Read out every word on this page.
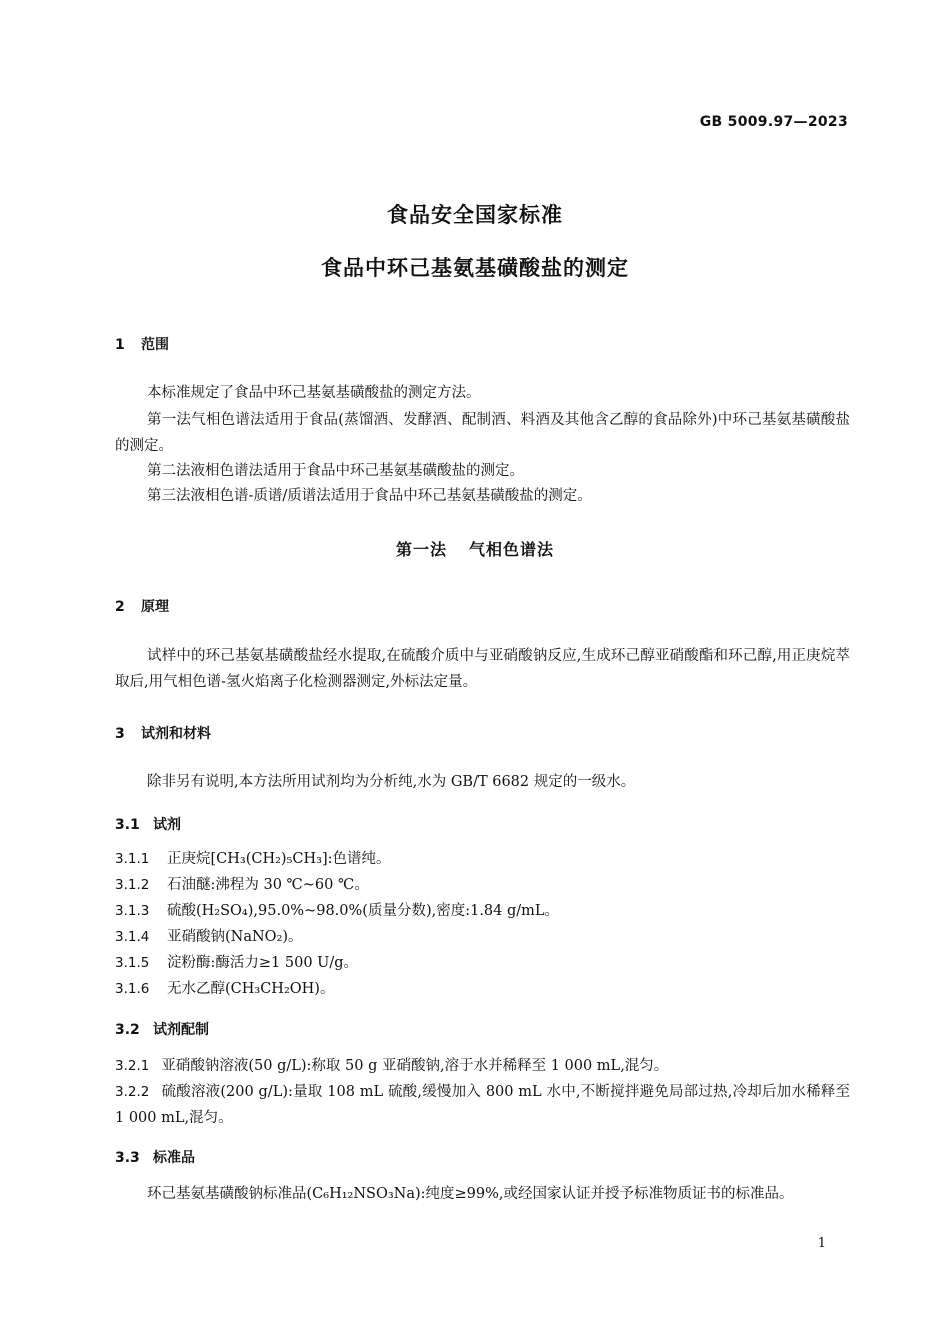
GB 5009.97—2023
食品安全国家标准
食品中环己基氨基磺酸盐的测定
1 范围
本标准规定了食品中环己基氨基磺酸盐的测定方法。
第一法气相色谱法适用于食品(蒸馏酒、发酵酒、配制酒、料酒及其他含乙醇的食品除外)中环己基氨基磺酸盐的测定。
第二法液相色谱法适用于食品中环己基氨基磺酸盐的测定。
第三法液相色谱-质谱/质谱法适用于食品中环己基氨基磺酸盐的测定。
第一法 气相色谱法
2 原理
试样中的环己基氨基磺酸盐经水提取,在硫酸介质中与亚硝酸钠反应,生成环己醇亚硝酸酯和环己醇,用正庚烷萃取后,用气相色谱-氢火焰离子化检测器测定,外标法定量。
3 试剂和材料
除非另有说明,本方法所用试剂均为分析纯,水为 GB/T 6682 规定的一级水。
3.1 试剂
3.1.1 正庚烷[CH₃(CH₂)₅CH₃]:色谱纯。
3.1.2 石油醚:沸程为 30 ℃~60 ℃。
3.1.3 硫酸(H₂SO₄),95.0%~98.0%(质量分数),密度:1.84 g/mL。
3.1.4 亚硝酸钠(NaNO₂)。
3.1.5 淀粉酶:酶活力≥1 500 U/g。
3.1.6 无水乙醇(CH₃CH₂OH)。
3.2 试剂配制
3.2.1 亚硝酸钠溶液(50 g/L):称取 50 g 亚硝酸钠,溶于水并稀释至 1 000 mL,混匀。
3.2.2 硫酸溶液(200 g/L):量取 108 mL 硫酸,缓慢加入 800 mL 水中,不断搅拌避免局部过热,冷却后加水稀释至 1 000 mL,混匀。
3.3 标准品
环己基氨基磺酸钠标准品(C₆H₁₂NSO₃Na):纯度≥99%,或经国家认证并授予标准物质证书的标准品。
1
